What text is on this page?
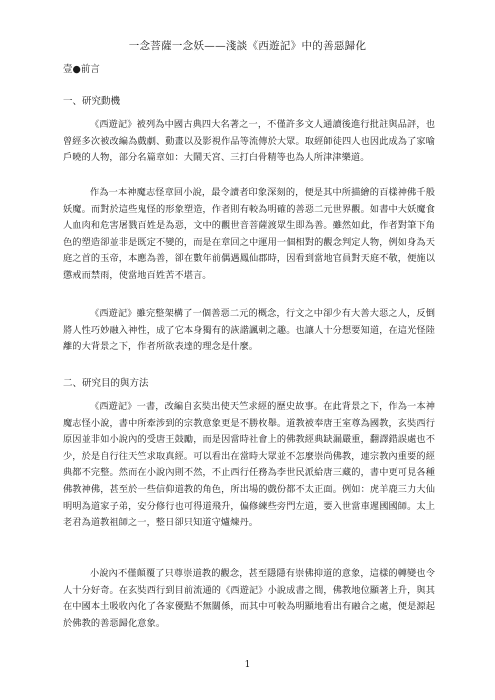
一念菩薩一念妖——淺談《西遊記》中的善惡歸化
壹●前言
一、研究動機

《西遊記》被列為中國古典四大名著之一，不僅許多文人通讀後進行批註與品評，也曾經多次被改編為戲劇、動畫以及影視作品等流傳於大眾。取經師徒四人也因此成為了家喻戶曉的人物，部分名篇章如：大鬧天宮、三打白骨精等也為人所津津樂道。

作為一本神魔志怪章回小說，最令讀者印象深刻的，便是其中所描繪的百樣神佛千般妖魔。而對於這些鬼怪的形象塑造，作者則有較為明確的善惡二元世界觀。如書中大妖魔食人血肉和危害屠戮百姓是為惡，文中的觀世音菩薩渡眾生即為善。雖然如此，作者對筆下角色的塑造卻並非是既定不變的，而是在章回之中運用一個相對的觀念判定人物，例如身為天庭之首的玉帝，本應為善，卻在數年前偶遇鳳仙郡時，因看到當地官員對天庭不敬，便施以懲戒而禁雨，使當地百姓苦不堪言。

《西遊記》雖完整架構了一個善惡二元的概念，行文之中卻少有大善大惡之人，反倒將人性巧妙融入神性，成了它本身獨有的詼諧諷刺之趣。也讓人十分想要知道，在這光怪陸離的大背景之下，作者所欲表達的理念是什麼。

二、研究目的與方法

《西遊記》一書，改編自玄奘出使天竺求經的歷史故事。在此背景之下，作為一本神魔志怪小說，書中所牽涉到的宗教意象更是不勝枚舉。道教被奉唐王室尊為國教，玄奘西行原因並非如小說內的受唐王鼓勵，而是因當時社會上的佛教經典缺漏嚴重，翻譯錯誤處也不少，於是自行往天竺求取真經。可以看出在當時大眾並不怎麼崇尚佛教，連宗教內重要的經典都不完整。然而在小說內則不然，不止西行任務為李世民派給唐三藏的，書中更可見各種佛教神佛，甚至於一些信仰道教的角色，所出場的戲份都不太正面。例如：虎羊鹿三力大仙明明為道家子弟，安分修行也可得道飛升，偏修練些旁門左道，要入世當車遲國國師。太上老君為道教祖師之一，整日卻只知道守爐煉丹。

小說內不僅顛覆了只尊崇道教的觀念，甚至隱隱有崇佛抑道的意象，這樣的轉變也令人十分好奇。在玄奘西行到目前流通的《西遊記》小說成書之間，佛教地位顯著上升，與其在中國本土吸收內化了各家優點不無關係，而其中可較為明顯地看出有融合之處，便是源起於佛教的善惡歸化意象。

1
